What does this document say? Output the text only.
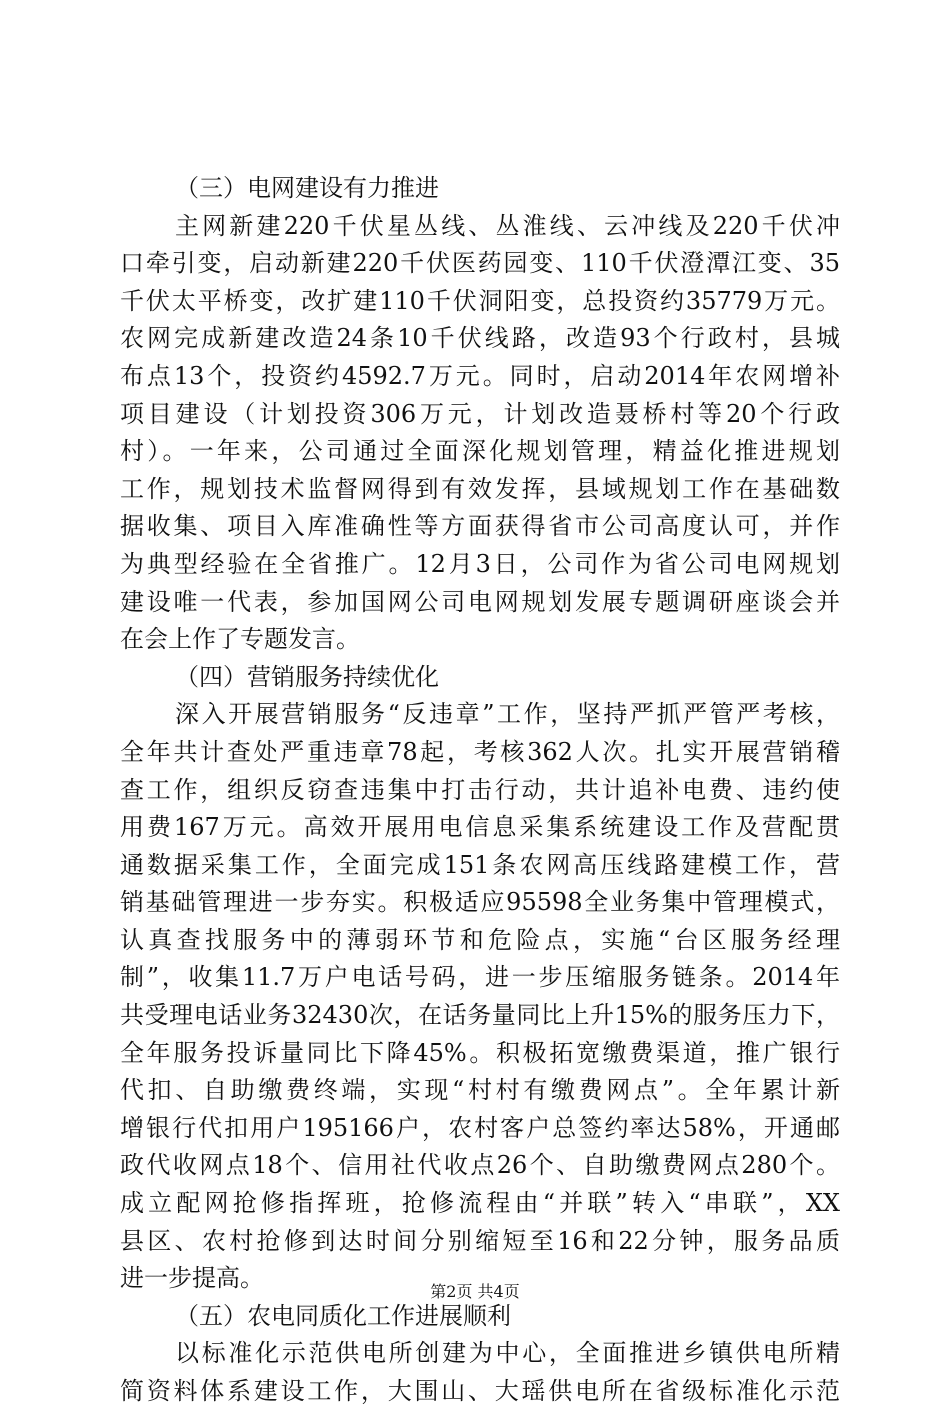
（三）电网建设有力推进
主网新建220千伏星丛线、丛淮线、云冲线及220千伏冲
口牵引变，启动新建220千伏医药园变、110千伏澄潭江变、35
千伏太平桥变，改扩建110千伏洞阳变，总投资约35779万元。
农网完成新建改造24条10千伏线路，改造93个行政村，县城
布点13个，投资约4592.7万元。同时，启动2014年农网增补
项目建设（计划投资306万元，计划改造聂桥村等20个行政
村）。一年来，公司通过全面深化规划管理，精益化推进规划
工作，规划技术监督网得到有效发挥，县域规划工作在基础数
据收集、项目入库准确性等方面获得省市公司高度认可，并作
为典型经验在全省推广。12月3日，公司作为省公司电网规划
建设唯一代表，参加国网公司电网规划发展专题调研座谈会并
在会上作了专题发言。
（四）营销服务持续优化
深入开展营销服务“反违章”工作，坚持严抓严管严考核，
全年共计查处严重违章78起，考核362人次。扎实开展营销稽
查工作，组织反窃查违集中打击行动，共计追补电费、违约使
用费167万元。高效开展用电信息采集系统建设工作及营配贯
通数据采集工作，全面完成151条农网高压线路建模工作，营
销基础管理进一步夯实。积极适应95598全业务集中管理模式，
认真查找服务中的薄弱环节和危险点，实施“台区服务经理
制”，收集11.7万户电话号码，进一步压缩服务链条。2014年
共受理电话业务32430次，在话务量同比上升15%的服务压力下，
全年服务投诉量同比下降45%。积极拓宽缴费渠道，推广银行
代扣、自助缴费终端，实现“村村有缴费网点”。全年累计新
增银行代扣用户195166户，农村客户总签约率达58%，开通邮
政代收网点18个、信用社代收点26个、自助缴费网点280个。
成立配网抢修指挥班，抢修流程由“并联”转入“串联”，XX
县区、农村抢修到达时间分别缩短至16和22分钟，服务品质
进一步提高。
（五）农电同质化工作进展顺利
以标准化示范供电所创建为中心，全面推进乡镇供电所精
简资料体系建设工作，大围山、大瑶供电所在省级标准化示范
第2页 共4页
